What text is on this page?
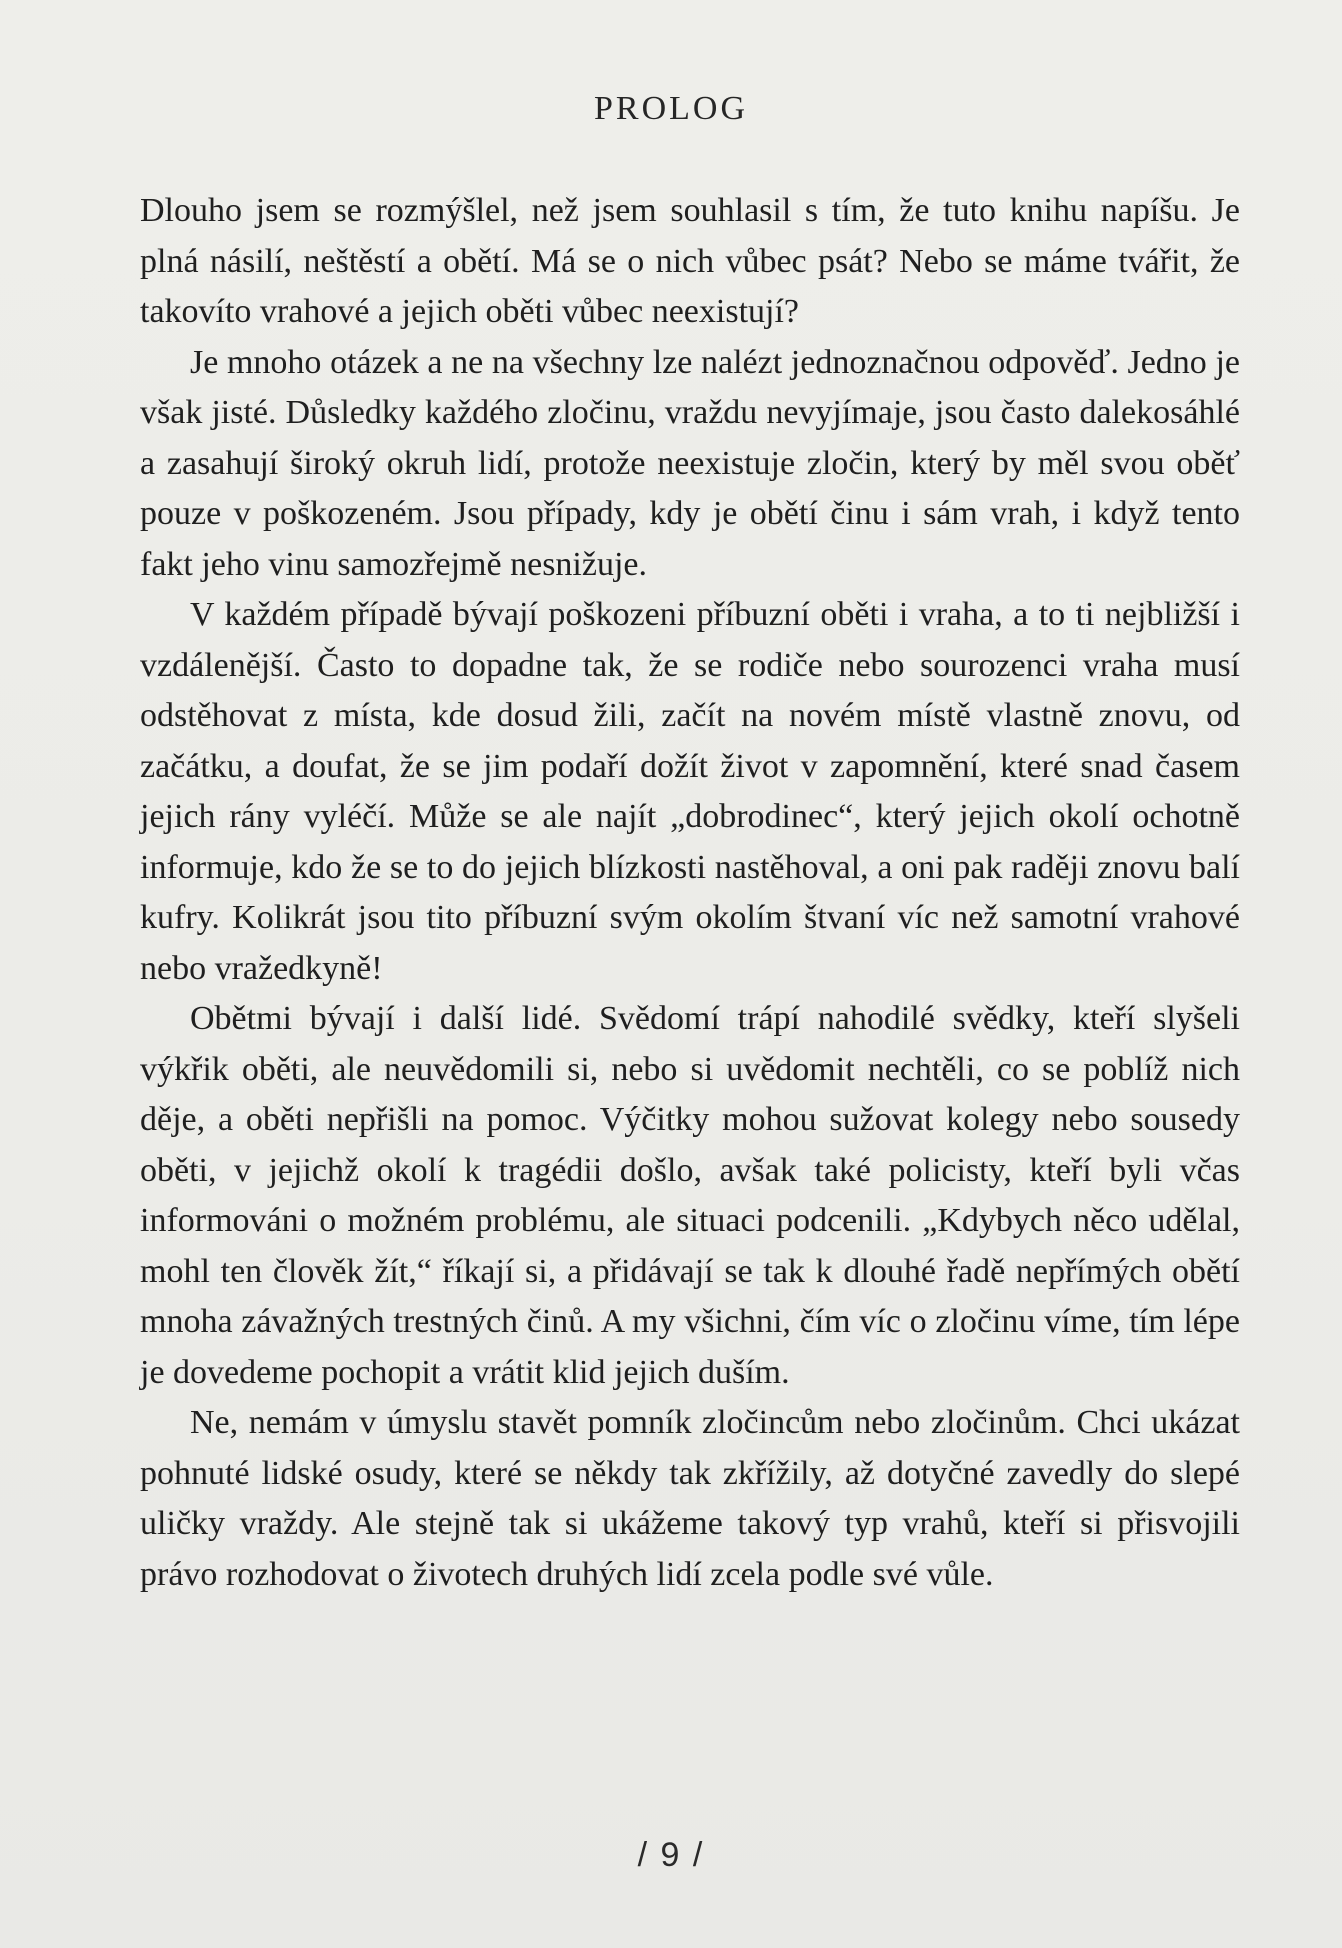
PROLOG

Dlouho jsem se rozmýšlel, než jsem souhlasil s tím, že tuto knihu napíšu. Je plná násilí, neštěstí a obětí. Má se o nich vůbec psát? Nebo se máme tvářit, že takovíto vrahové a jejich oběti vůbec neexistují?

Je mnoho otázek a ne na všechny lze nalézt jednoznačnou odpověď. Jedno je však jisté. Důsledky každého zločinu, vraždu nevyjímaje, jsou často dalekosáhlé a zasahují široký okruh lidí, protože neexistuje zločin, který by měl svou oběť pouze v poškozeném. Jsou případy, kdy je obětí činu i sám vrah, i když tento fakt jeho vinu samozřejmě nesnižuje.

V každém případě bývají poškozeni příbuzní oběti i vraha, a to ti nejbližší i vzdálenější. Často to dopadne tak, že se rodiče nebo sourozenci vraha musí odstěhovat z místa, kde dosud žili, začít na novém místě vlastně znovu, od začátku, a doufat, že se jim podaří dožít život v zapomnění, které snad časem jejich rány vyléčí. Může se ale najít „dobrodinec“, který jejich okolí ochotně informuje, kdo že se to do jejich blízkosti nastěhoval, a oni pak raději znovu balí kufry. Kolikrát jsou tito příbuzní svým okolím štvaní víc než samotní vrahové nebo vražedkyně!

Obětmi bývají i další lidé. Svědomí trápí nahodilé svědky, kteří slyšeli výkřik oběti, ale neuvědomili si, nebo si uvědomit nechtěli, co se poblíž nich děje, a oběti nepřišli na pomoc. Výčitky mohou sužovat kolegy nebo sousedy oběti, v jejichž okolí k tragédii došlo, avšak také policisty, kteří byli včas informováni o možném problému, ale situaci podcenili. „Kdybych něco udělal, mohl ten člověk žít,“ říkají si, a přidávají se tak k dlouhé řadě nepřímých obětí mnoha závažných trestných činů. A my všichni, čím víc o zločinu víme, tím lépe je dovedeme pochopit a vrátit klid jejich duším.

Ne, nemám v úmyslu stavět pomník zločincům nebo zločinům. Chci ukázat pohnuté lidské osudy, které se někdy tak zkřížily, až dotyčné zavedly do slepé uličky vraždy. Ale stejně tak si ukážeme takový typ vrahů, kteří si přisvojili právo rozhodovat o životech druhých lidí zcela podle své vůle.

/ 9 /
